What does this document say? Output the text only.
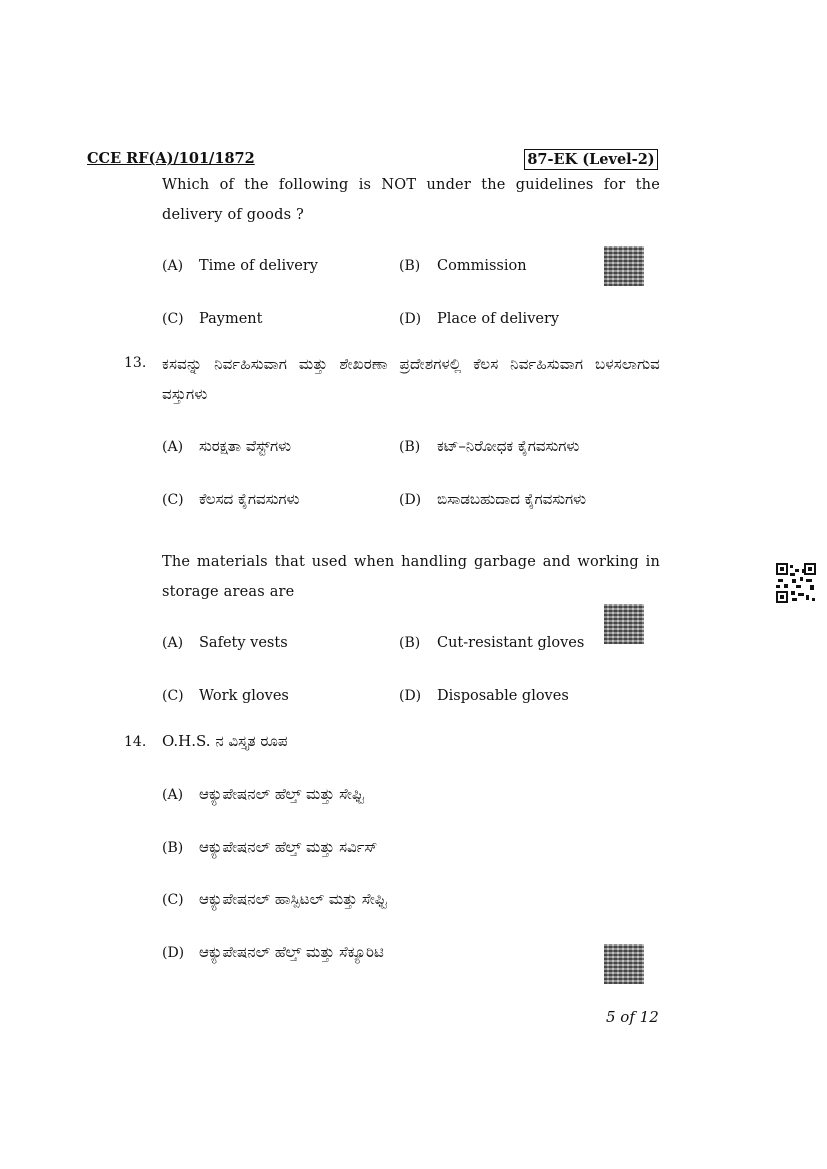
CCE RF(A)/101/1872	87-EK (Level-2)
Which of the following is NOT under the guidelines for the delivery of goods ?
(A) Time of delivery	(B) Commission
(C) Payment	(D) Place of delivery
13. ಕಸವನ್ನು ನಿರ್ವಹಿಸುವಾಗ ಮತ್ತು ಶೇಖರಣಾ ಪ್ರದೇಶಗಳಲ್ಲಿ ಕೆಲಸ ನಿರ್ವಹಿಸುವಾಗ ಬಳಸಲಾಗುವ ವಸ್ತುಗಳು
(A) ಸುರಕ್ಷತಾ ವೆಸ್ಟ್‌ಗಳು	(B) ಕಟ್–ನಿರೋಧಕ ಕೈಗವಸುಗಳು
(C) ಕೆಲಸದ ಕೈಗವಸುಗಳು	(D) ಬಿಸಾಡಬಹುದಾದ ಕೈಗವಸುಗಳು
The materials that used when handling garbage and working in storage areas are
(A) Safety vests	(B) Cut-resistant gloves
(C) Work gloves	(D) Disposable gloves
14. O.H.S. ನ ವಿಸ್ತೃತ ರೂಪ
(A) ಆಕ್ಯುಪೇಷನಲ್ ಹೆಲ್ತ್ ಮತ್ತು ಸೇಫ್ಟಿ
(B) ಆಕ್ಯುಪೇಷನಲ್ ಹೆಲ್ತ್ ಮತ್ತು ಸರ್ವಿಸ್
(C) ಆಕ್ಯುಪೇಷನಲ್ ಹಾಸ್ಪಿಟಲ್ ಮತ್ತು ಸೇಫ್ಟಿ
(D) ಆಕ್ಯುಪೇಷನಲ್ ಹೆಲ್ತ್ ಮತ್ತು ಸೆಕ್ಯೂರಿಟಿ
5 of 12
